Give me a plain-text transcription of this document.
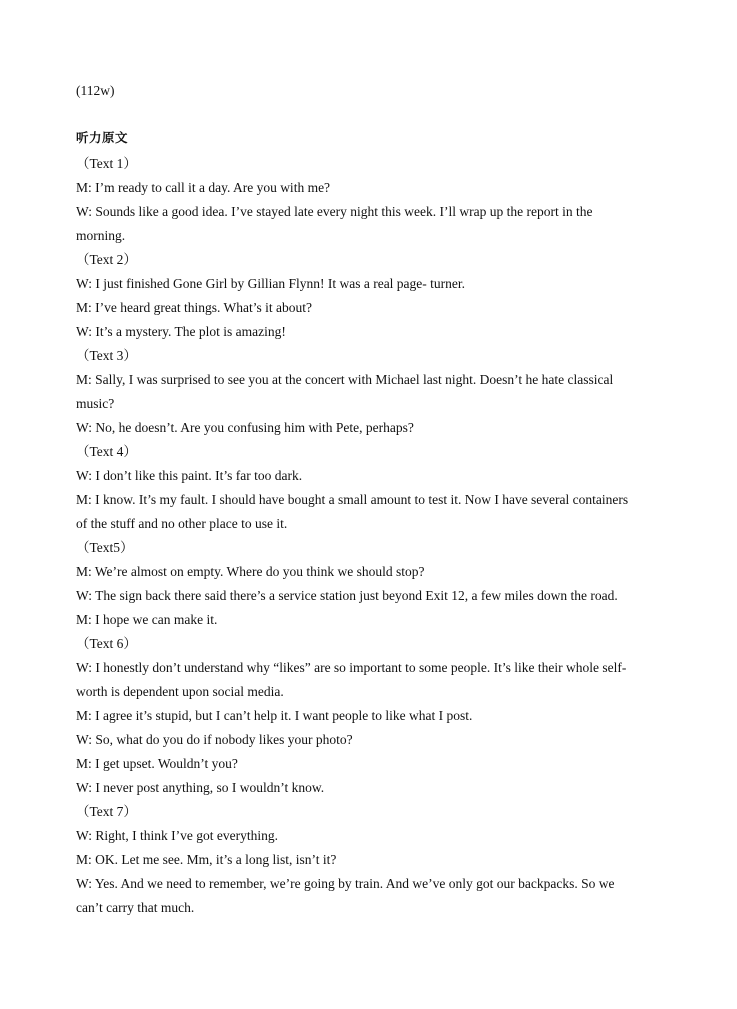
(112w)
听力原文
（Text 1）
M: I’m ready to call it a day. Are you with me?
W: Sounds like a good idea. I’ve stayed late every night this week. I’ll wrap up the report in the
morning.
（Text 2）
W: I just finished Gone Girl by Gillian Flynn! It was a real page- turner.
M: I’ve heard great things. What’s it about?
W: It’s a mystery. The plot is amazing!
（Text 3）
M: Sally, I was surprised to see you at the concert with Michael last night. Doesn’t he hate classical
music?
W: No, he doesn’t. Are you confusing him with Pete, perhaps?
（Text 4）
W: I don’t like this paint. It’s far too dark.
M: I know. It’s my fault. I should have bought a small amount to test it. Now I have several containers
of the stuff and no other place to use it.
（Text5）
M: We’re almost on empty. Where do you think we should stop?
W: The sign back there said there’s a service station just beyond Exit 12, a few miles down the road.
M: I hope we can make it.
（Text 6）
W: I honestly don’t understand why “likes” are so important to some people. It’s like their whole self-
worth is dependent upon social media.
M: I agree it’s stupid, but I can’t help it. I want people to like what I post.
W: So, what do you do if nobody likes your photo?
M: I get upset. Wouldn’t you?
W: I never post anything, so I wouldn’t know.
（Text 7）
W: Right, I think I’ve got everything.
M: OK. Let me see. Mm, it’s a long list, isn’t it?
W: Yes. And we need to remember, we’re going by train. And we’ve only got our backpacks. So we
can’t carry that much.
